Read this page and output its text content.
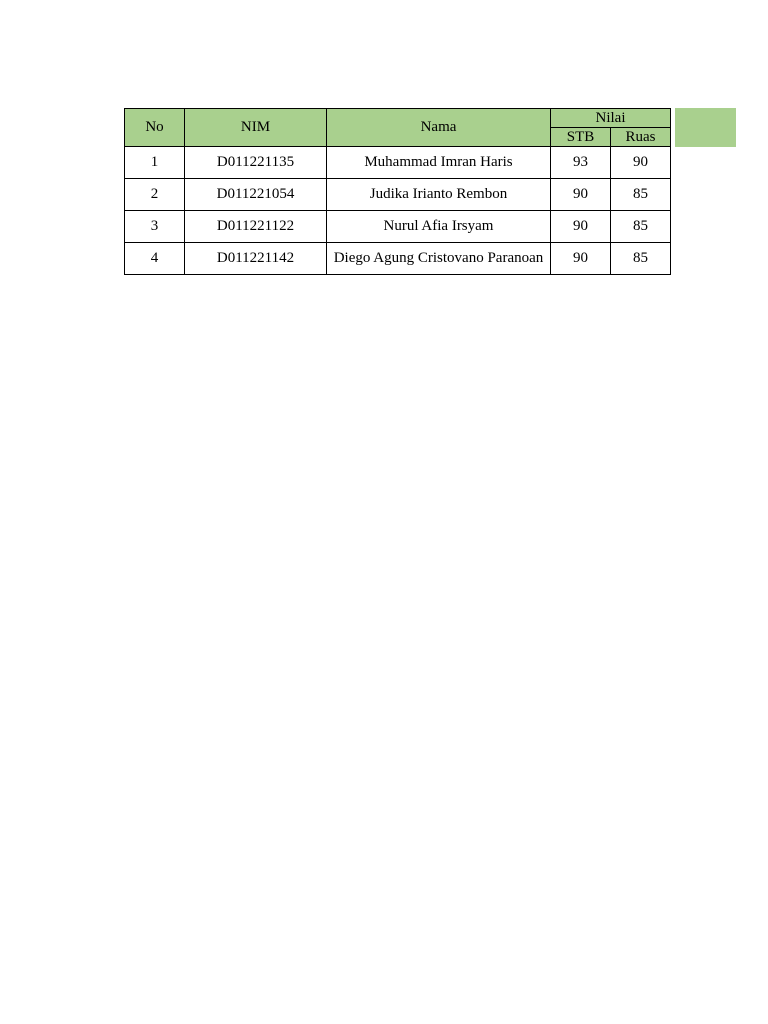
No	NIM	Nama	Nilai	
			STB	Ruas
1	D011221135	Muhammad Imran Haris	93	90
2	D011221054	Judika Irianto Rembon	90	85
3	D011221122	Nurul Afia Irsyam	90	85
4	D011221142	Diego Agung Cristovano Paranoan	90	85
